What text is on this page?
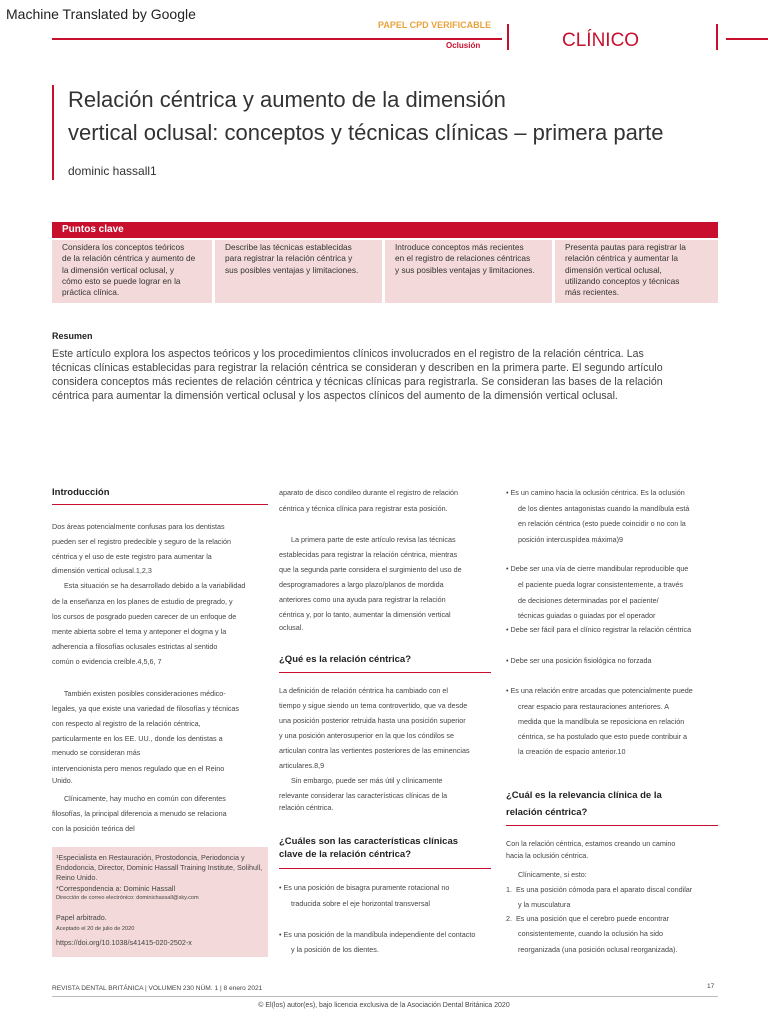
Machine Translated by Google
PAPEL CPD VERIFICABLE
Oclusión	CLÍNICO
Relación céntrica y aumento de la dimensión
vertical oclusal: conceptos y técnicas clínicas – primera parte
dominic hassall1
Puntos clave
Considera los conceptos teóricos
de la relación céntrica y aumento de
la dimensión vertical oclusal, y
cómo esto se puede lograr en la
práctica clínica.
Describe las técnicas establecidas
para registrar la relación céntrica y
sus posibles ventajas y limitaciones.
Introduce conceptos más recientes
en el registro de relaciones céntricas
y sus posibles ventajas y limitaciones.
Presenta pautas para registrar la
relación céntrica y aumentar la
dimensión vertical oclusal,
utilizando conceptos y técnicas
más recientes.
Resumen
Este artículo explora los aspectos teóricos y los procedimientos clínicos involucrados en el registro de la relación céntrica. Las
técnicas clínicas establecidas para registrar la relación céntrica se consideran y describen en la primera parte. El segundo artículo
considera conceptos más recientes de relación céntrica y técnicas clínicas para registrarla. Se consideran las bases de la relación
céntrica para aumentar la dimensión vertical oclusal y los aspectos clínicos del aumento de la dimensión vertical oclusal.
Introducción
Dos áreas potencialmente confusas para los dentistas
pueden ser el registro predecible y seguro de la relación
céntrica y el uso de este registro para aumentar la
dimensión vertical oclusal.1,2,3
Esta situación se ha desarrollado debido a la variabilidad
de la enseñanza en los planes de estudio de pregrado, y
los cursos de posgrado pueden carecer de un enfoque de
mente abierta sobre el tema y anteponer el dogma y la
adherencia a filosofías oclusales estrictas al sentido
común o evidencia creíble.4,5,6, 7
También existen posibles consideraciones médico-
legales, ya que existe una variedad de filosofías y técnicas
con respecto al registro de la relación céntrica,
particularmente en los EE. UU., donde los dentistas a
menudo se consideran más
intervencionista pero menos regulado que en el Reino
Unido.
Clínicamente, hay mucho en común con diferentes
filosofías, la principal diferencia a menudo se relaciona
con la posición teórica del
¹Especialista en Restauración, Prostodoncia, Periodoncia y
Endodoncia, Director, Dominic Hassall Training Institute, Solihull,
Reino Unido.
*Correspondencia a: Dominic Hassall
Dirección de correo electrónico: dominichassall@sky.com
Papel arbitrado.
Aceptado el 20 de julio de 2020
https://doi.org/10.1038/s41415-020-2502-x
aparato de disco condileo durante el registro de relación
céntrica y técnica clínica para registrar esta posición.
La primera parte de este artículo revisa las técnicas
establecidas para registrar la relación céntrica, mientras
que la segunda parte considera el surgimiento del uso de
desprogramadores a largo plazo/planos de mordida
anteriores como una ayuda para registrar la relación
céntrica y, por lo tanto, aumentar la dimensión vertical
oclusal.
La definición de relación céntrica ha cambiado con el
tiempo y sigue siendo un tema controvertido, que va desde
una posición posterior retruida hasta una posición superior
y una posición anterosuperior en la que los cóndilos se
articulan contra las vertientes posteriores de las eminencias
articulares.8,9
Sin embargo, puede ser más útil y clínicamente
relevante considerar las características clínicas de la
relación céntrica.
• Es una posición de bisagra puramente rotacional no
traducida sobre el eje horizontal transversal
• Es una posición de la mandíbula independiente del contacto
y la posición de los dientes.
¿Qué es la relación céntrica?
¿Cuáles son las características clínicas
clave de la relación céntrica?
• Es un camino hacia la oclusión céntrica. Es la oclusión
de los dientes antagonistas cuando la mandíbula está
en relación céntrica (esto puede coincidir o no con la
posición intercuspídea máxima)9
• Debe ser una vía de cierre mandibular reproducible que
el paciente pueda lograr consistentemente, a través
de decisiones determinadas por el paciente/
técnicas guiadas o guiadas por el operador
• Debe ser fácil para el clínico registrar la relación céntrica
• Debe ser una posición fisiológica no forzada
• Es una relación entre arcadas que potencialmente puede
crear espacio para restauraciones anteriores. A
medida que la mandíbula se reposiciona en relación
céntrica, se ha postulado que esto puede contribuir a
la creación de espacio anterior.10
Con la relación céntrica, estamos creando un camino
hacia la oclusión céntrica.
Clínicamente, si esto:
1.  Es una posición cómoda para el aparato discal condilar
y la musculatura
2.  Es una posición que el cerebro puede encontrar
consistentemente, cuando la oclusión ha sido
reorganizada (una posición oclusal reorganizada).
¿Cuál es la relevancia clínica de la
relación céntrica?
REVISTA DENTAL BRITÁNICA | VOLUMEN 230 NÚM. 1 | 8 enero 2021	17
© El(los) autor(es), bajo licencia exclusiva de la Asociación Dental Británica 2020
